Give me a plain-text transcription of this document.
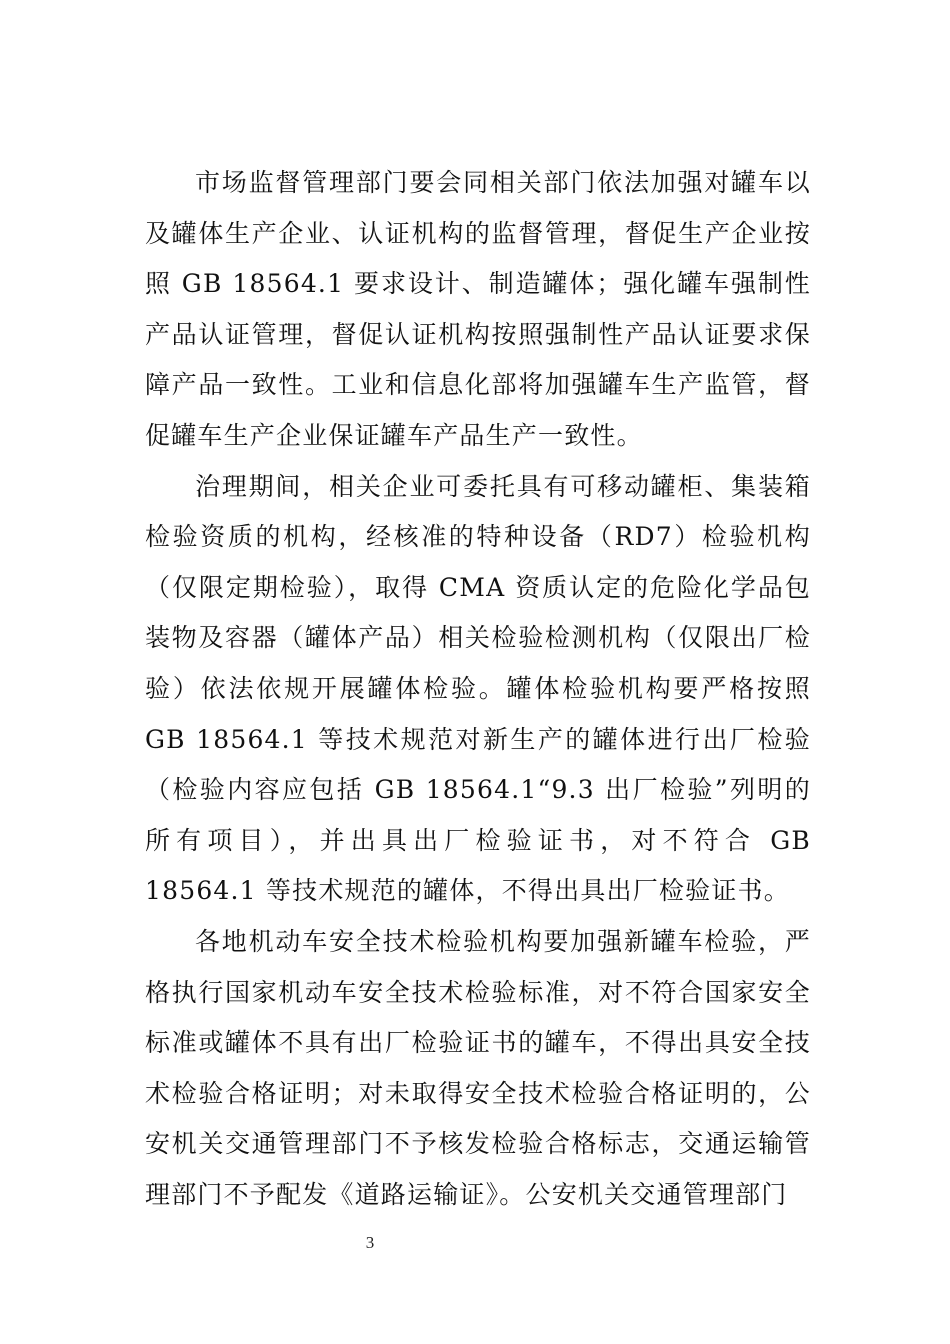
市场监督管理部门要会同相关部门依法加强对罐车以及罐体生产企业、认证机构的监督管理，督促生产企业按照 GB 18564.1 要求设计、制造罐体；强化罐车强制性产品认证管理，督促认证机构按照强制性产品认证要求保障产品一致性。工业和信息化部将加强罐车生产监管，督促罐车生产企业保证罐车产品生产一致性。

治理期间，相关企业可委托具有可移动罐柜、集装箱检验资质的机构，经核准的特种设备（RD7）检验机构（仅限定期检验），取得 CMA 资质认定的危险化学品包装物及容器（罐体产品）相关检验检测机构（仅限出厂检验）依法依规开展罐体检验。罐体检验机构要严格按照 GB 18564.1 等技术规范对新生产的罐体进行出厂检验（检验内容应包括 GB 18564.1“9.3 出厂检验”列明的所有项目），并出具出厂检验证书，对不符合 GB 18564.1 等技术规范的罐体，不得出具出厂检验证书。

各地机动车安全技术检验机构要加强新罐车检验，严格执行国家机动车安全技术检验标准，对不符合国家安全标准或罐体不具有出厂检验证书的罐车，不得出具安全技术检验合格证明；对未取得安全技术检验合格证明的，公安机关交通管理部门不予核发检验合格标志，交通运输管理部门不予配发《道路运输证》。公安机关交通管理部门

3
